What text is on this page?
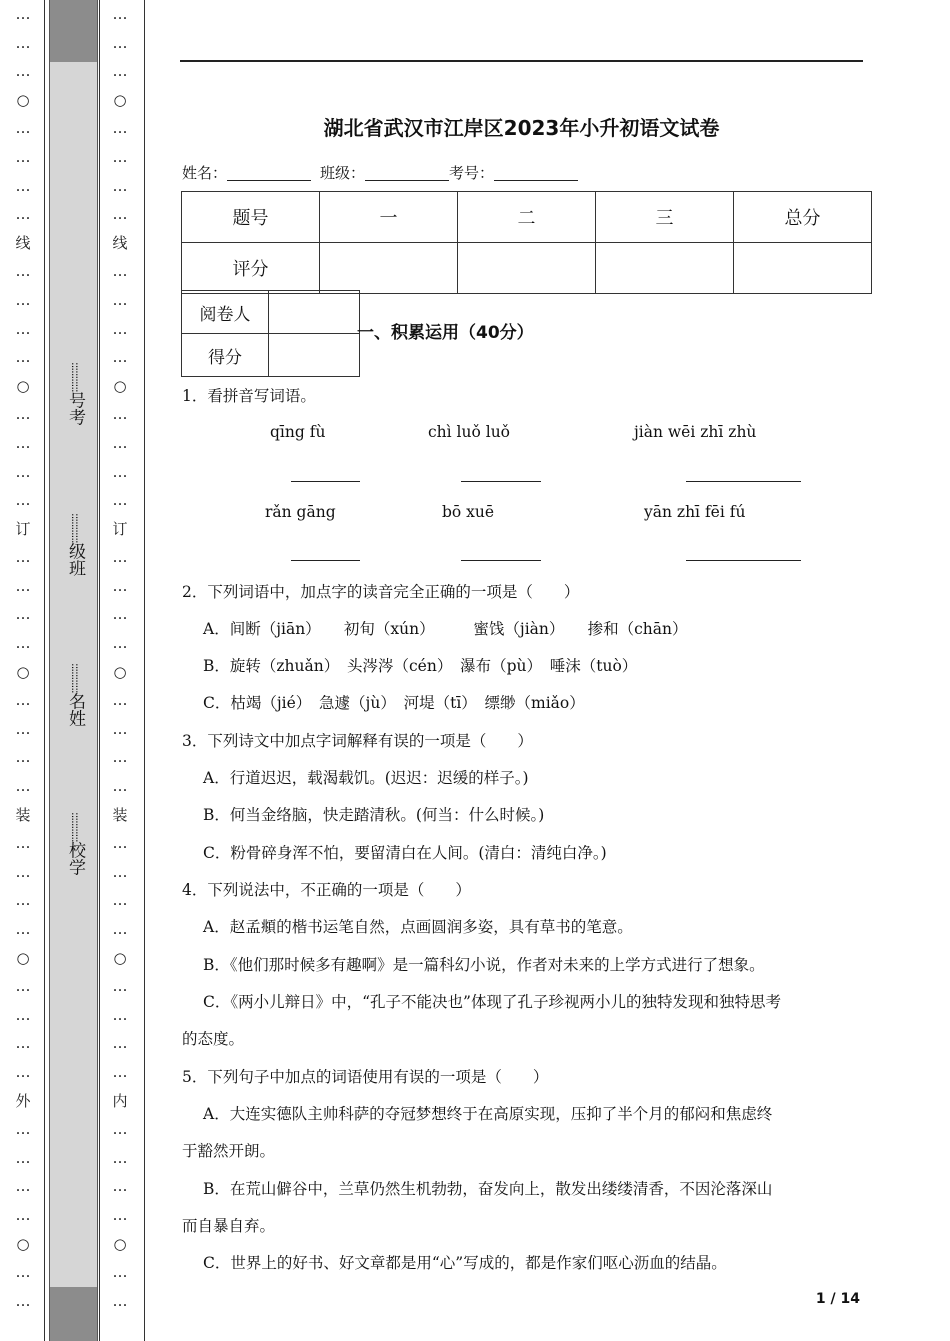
…
…
…
○
…
…
…
…
线
…
…
…
…
○
…
…
…
…
订
…
…
…
…
○
…
…
…
…
装
…
…
…
…
○
…
…
…
…
外
…
…
…
…
○
…
…
…
…
…
○
…
…
…
…
线
…
…
…
…
○
…
…
…
…
订
…
…
…
…
○
…
…
…
…
装
…
…
…
…
○
…
…
…
…
内
…
…
…
…
○
…
…
:::::::::::号考
:::::::::::级班
:::::::::::名姓
:::::::::::校学
湖北省武汉市江岸区2023年小升初语文试卷
姓名：	班级：	考号：
题号	一	二	三	总分
评分				
阅卷人	
得分	
一、积累运用（40分）
1．看拼音写词语。
qīng fù	chì luǒ luǒ	jiàn wēi zhī zhù
rǎn gāng	bō xuē	yān zhī fēi fú
2．下列词语中，加点字的读音完全正确的一项是（　　）
A．间断（jiān）　　初旬（xún）　　　蜜饯（jiàn）　　掺和（chān）
B．旋转（zhuǎn）　头涔涔（cén）　瀑布（pù）　唾沫（tuò）
C．枯竭（jié）　急遽（jù）　河堤（tī）　缥缈（miǎo）
3．下列诗文中加点字词解释有误的一项是（　　）
A．行道迟迟，载渴载饥。(迟迟：迟缓的样子。)
B．何当金络脑，快走踏清秋。(何当：什么时候。)
C．粉骨碎身浑不怕，要留清白在人间。(清白：清纯白净。)
4．下列说法中，不正确的一项是（　　）
A．赵孟頫的楷书运笔自然，点画圆润多姿，具有草书的笔意。
B．《他们那时候多有趣啊》是一篇科幻小说，作者对未来的上学方式进行了想象。
C．《两小儿辩日》中，“孔子不能决也”体现了孔子珍视两小儿的独特发现和独特思考
的态度。
5．下列句子中加点的词语使用有误的一项是（　　）
A．大连实德队主帅科萨的夺冠梦想终于在高原实现，压抑了半个月的郁闷和焦虑终
于豁然开朗。
B．在荒山僻谷中，兰草仍然生机勃勃，奋发向上，散发出缕缕清香，不因沦落深山
而自暴自弃。
C．世界上的好书、好文章都是用“心”写成的，都是作家们呕心沥血的结晶。
1 / 14
